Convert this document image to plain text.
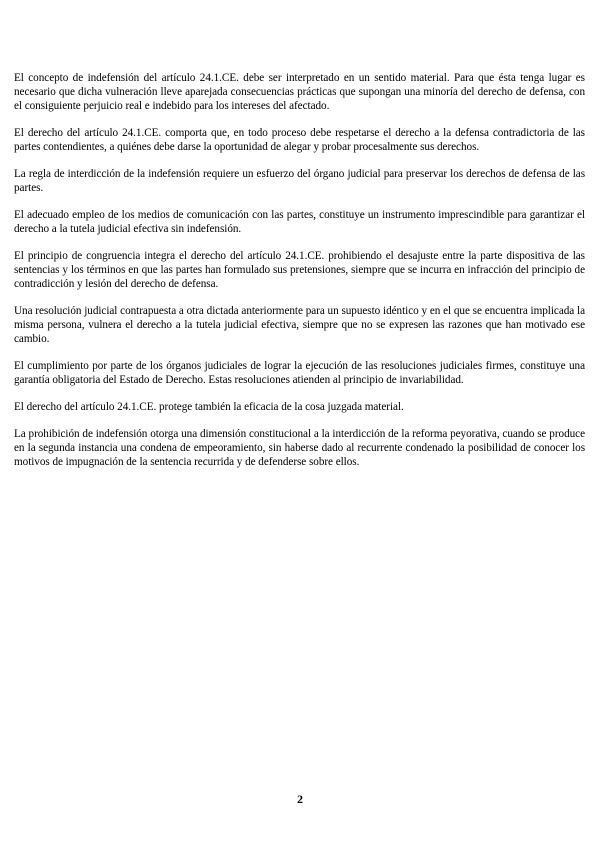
El concepto de indefensión del artículo 24.1.CE. debe ser interpretado en un sentido material. Para que ésta tenga lugar es necesario que dicha vulneración lleve aparejada consecuencias prácticas que supongan una minoría del derecho de defensa, con el consiguiente perjuicio real e indebido para los intereses del afectado.

El derecho del artículo 24.1.CE. comporta que, en todo proceso debe respetarse el derecho a la defensa contradictoria de las partes contendientes, a quiénes debe darse la oportunidad de alegar y probar procesalmente sus derechos.

La regla de interdicción de la indefensión requiere un esfuerzo del órgano judicial para preservar los derechos de defensa de las partes.

El adecuado empleo de los medios de comunicación con las partes, constituye un instrumento imprescindible para garantizar el derecho a la tutela judicial efectiva sin indefensión.

El principio de congruencia integra el derecho del artículo 24.1.CE. prohibiendo el desajuste entre la parte dispositiva de las sentencias y los términos en que las partes han formulado sus pretensiones, siempre que se incurra en infracción del principio de contradicción y lesión del derecho de defensa.

Una resolución judicial contrapuesta a otra dictada anteriormente para un supuesto idéntico y en el que se encuentra implicada la misma persona, vulnera el derecho a la tutela judicial efectiva, siempre que no se expresen las razones que han motivado ese cambio.

El cumplimiento por parte de los órganos judiciales de lograr la ejecución de las resoluciones judiciales firmes, constituye una garantía obligatoria del Estado de Derecho. Estas resoluciones atienden al principio de invariabilidad.

El derecho del artículo 24.1.CE. protege también la eficacia de la cosa juzgada material.

La prohibición de indefensión otorga una dimensión constitucional a la interdicción de la reforma peyorativa, cuando se produce en la segunda instancia una condena de empeoramiento, sin haberse dado al recurrente condenado la posibilidad de conocer los motivos de impugnación de la sentencia recurrida y de defenderse sobre ellos.

2
